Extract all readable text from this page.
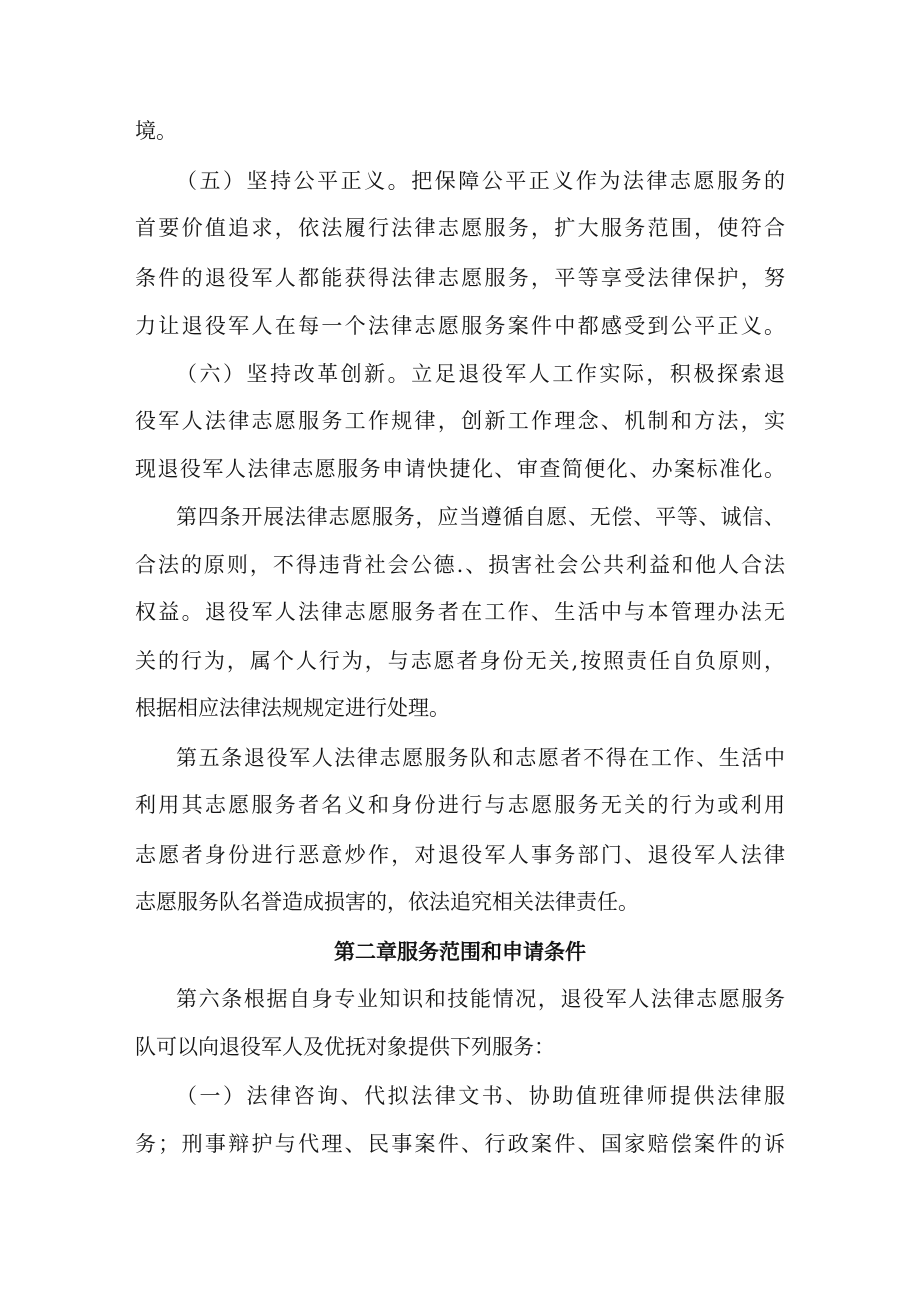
境。
（五）坚持公平正义。把保障公平正义作为法律志愿服务的
首要价值追求，依法履行法律志愿服务，扩大服务范围，使符合
条件的退役军人都能获得法律志愿服务，平等享受法律保护，努
力让退役军人在每一个法律志愿服务案件中都感受到公平正义。
（六）坚持改革创新。立足退役军人工作实际，积极探索退
役军人法律志愿服务工作规律，创新工作理念、机制和方法，实
现退役军人法律志愿服务申请快捷化、审查简便化、办案标准化。
第四条开展法律志愿服务，应当遵循自愿、无偿、平等、诚信、
合法的原则，不得违背社会公德.、损害社会公共利益和他人合法
权益。退役军人法律志愿服务者在工作、生活中与本管理办法无
关的行为，属个人行为，与志愿者身份无关,按照责任自负原则，
根据相应法律法规规定进行处理。
第五条退役军人法律志愿服务队和志愿者不得在工作、生活中
利用其志愿服务者名义和身份进行与志愿服务无关的行为或利用
志愿者身份进行恶意炒作，对退役军人事务部门、退役军人法律
志愿服务队名誉造成损害的，依法追究相关法律责任。
第二章服务范围和申请条件
第六条根据自身专业知识和技能情况，退役军人法律志愿服务
队可以向退役军人及优抚对象提供下列服务：
（一）法律咨询、代拟法律文书、协助值班律师提供法律服
务；刑事辩护与代理、民事案件、行政案件、国家赔偿案件的诉
